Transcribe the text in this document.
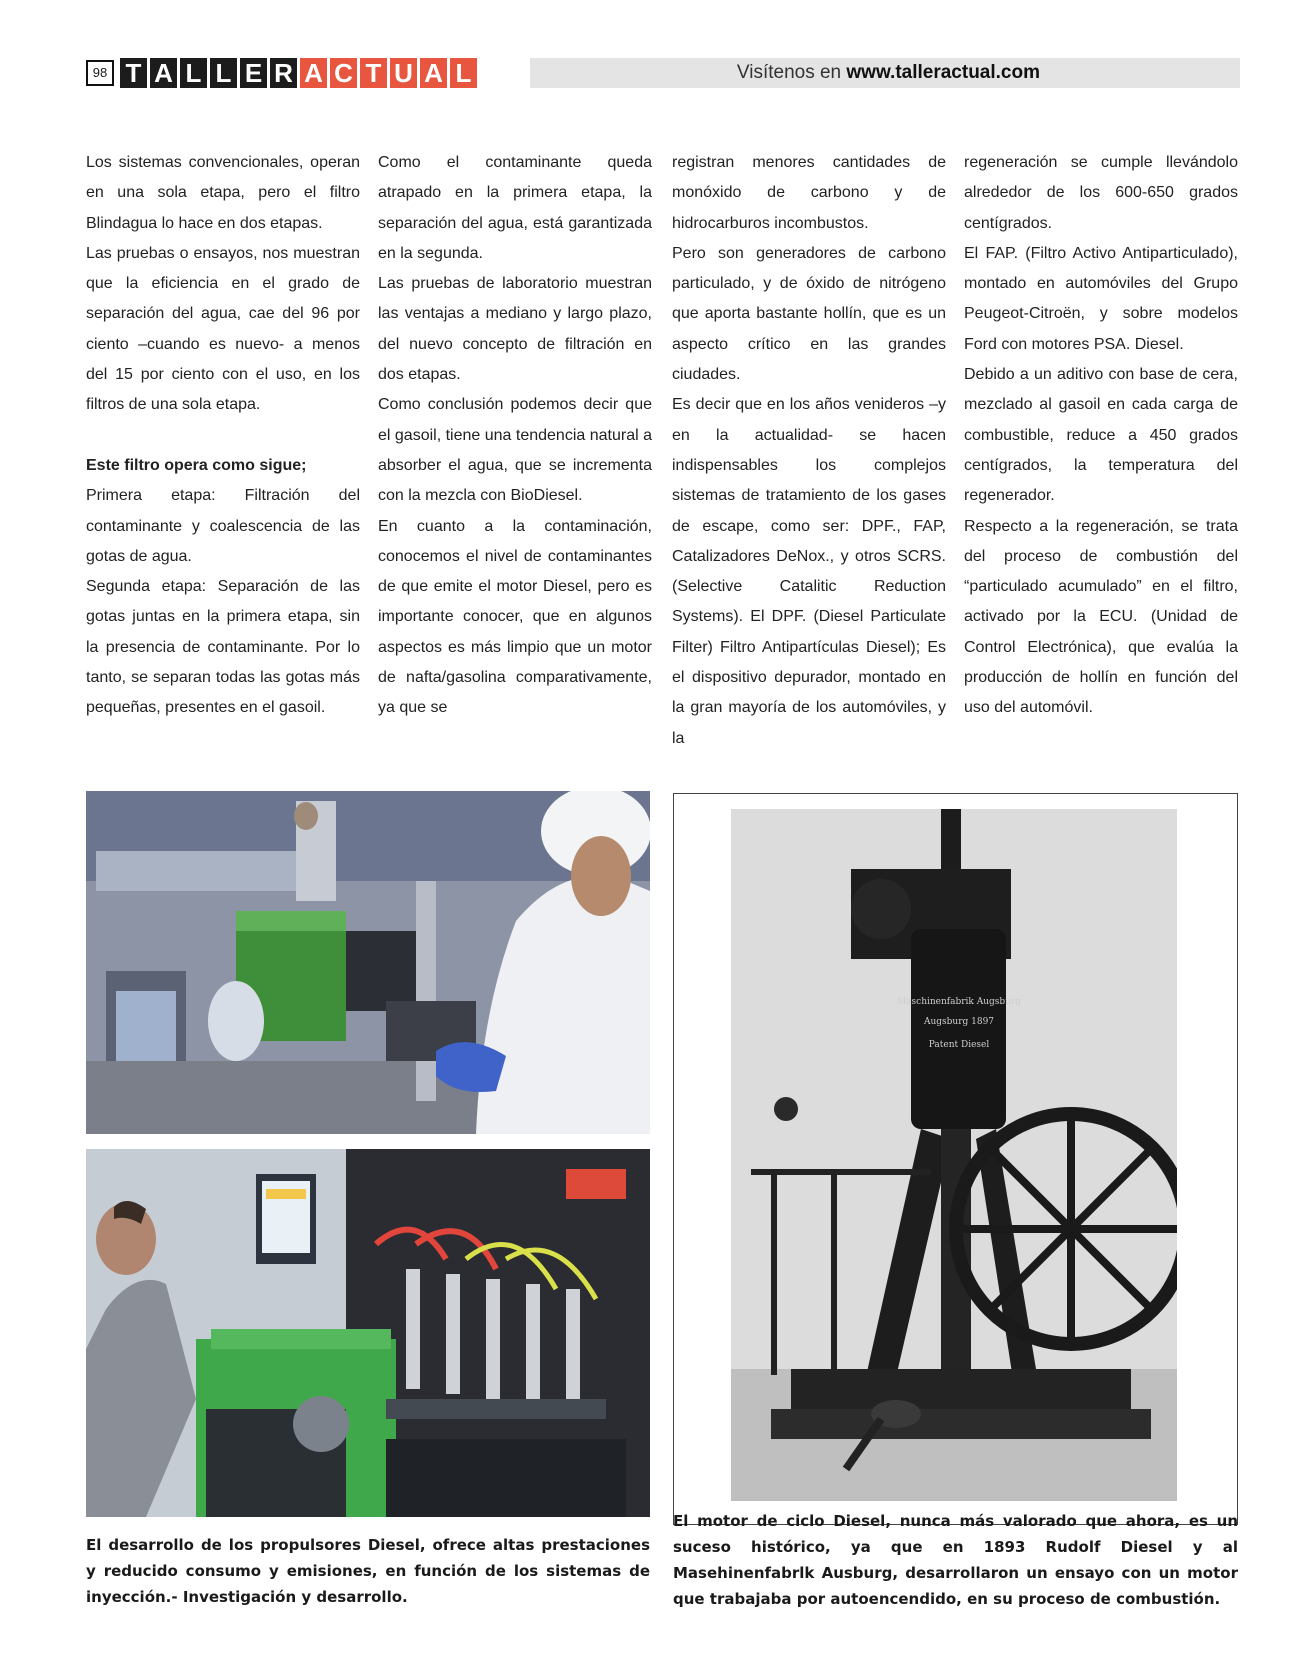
98 T A L L E R A C T U A L	Visítenos en www.talleractual.com

Los sistemas convencionales, operan en una sola etapa, pero el filtro Blindagua lo hace en dos etapas.

Las pruebas o ensayos, nos muestran que la eficiencia en el grado de separación del agua, cae del 96 por ciento –cuando es nuevo- a menos del 15 por ciento con el uso, en los filtros de una sola etapa.

Este filtro opera como sigue;

Primera etapa: Filtración del contaminante y coalescencia de las gotas de agua.

Segunda etapa: Separación de las gotas juntas en la primera etapa, sin la presencia de contaminante. Por lo tanto, se separan todas las gotas más pequeñas, presentes en el gasoil.

Como el contaminante queda atrapado en la primera etapa, la separación del agua, está garantizada en la segunda.

Las pruebas de laboratorio muestran las ventajas a mediano y largo plazo, del nuevo concepto de filtración en dos etapas.

Como conclusión podemos decir que el gasoil, tiene una tendencia natural a absorber el agua, que se incrementa con la mezcla con BioDiesel.

En cuanto a la contaminación, conocemos el nivel de contaminantes de que emite el motor Diesel, pero es importante conocer, que en algunos aspectos es más limpio que un motor de nafta/gasolina comparativamente, ya que se

registran menores cantidades de monóxido de carbono y de hidrocarburos incombustos.

Pero son generadores de carbono particulado, y de óxido de nitrógeno que aporta bastante hollín, que es un aspecto crítico en las grandes ciudades.

Es decir que en los años venideros –y en la actualidad- se hacen indispensables los complejos sistemas de tratamiento de los gases de escape, como ser: DPF., FAP, Catalizadores DeNox., y otros SCRS. (Selective Catalitic Reduction Systems). El DPF. (Diesel Particulate Filter) Filtro Antipartículas Diesel); Es el dispositivo depurador, montado en la gran mayoría de los automóviles, y la

regeneración se cumple llevándolo alrededor de los 600-650 grados centígrados.

El FAP. (Filtro Activo Antiparticulado), montado en automóviles del Grupo Peugeot-Citroën, y sobre modelos Ford con motores PSA. Diesel.

Debido a un aditivo con base de cera, mezclado al gasoil en cada carga de combustible, reduce a 450 grados centígrados, la temperatura del regenerador.

Respecto a la regeneración, se trata del proceso de combustión del “particulado acumulado” en el filtro, activado por la ECU. (Unidad de Control Electrónica), que evalúa la producción de hollín en función del uso del automóvil.

Maschinenfabrik Augsburg
Augsburg 1897
Patent Diesel

El desarrollo de los propulsores Diesel, ofrece altas prestaciones y reducido consumo y emisiones, en función de los sistemas de inyección.- Investigación y desarrollo.

El motor de ciclo Diesel, nunca más valorado que ahora, es un suceso histórico, ya que en 1893 Rudolf Diesel y al Masehinenfabrlk Ausburg, desarrollaron un ensayo con un motor que trabajaba por autoencendido, en su proceso de combustión.
